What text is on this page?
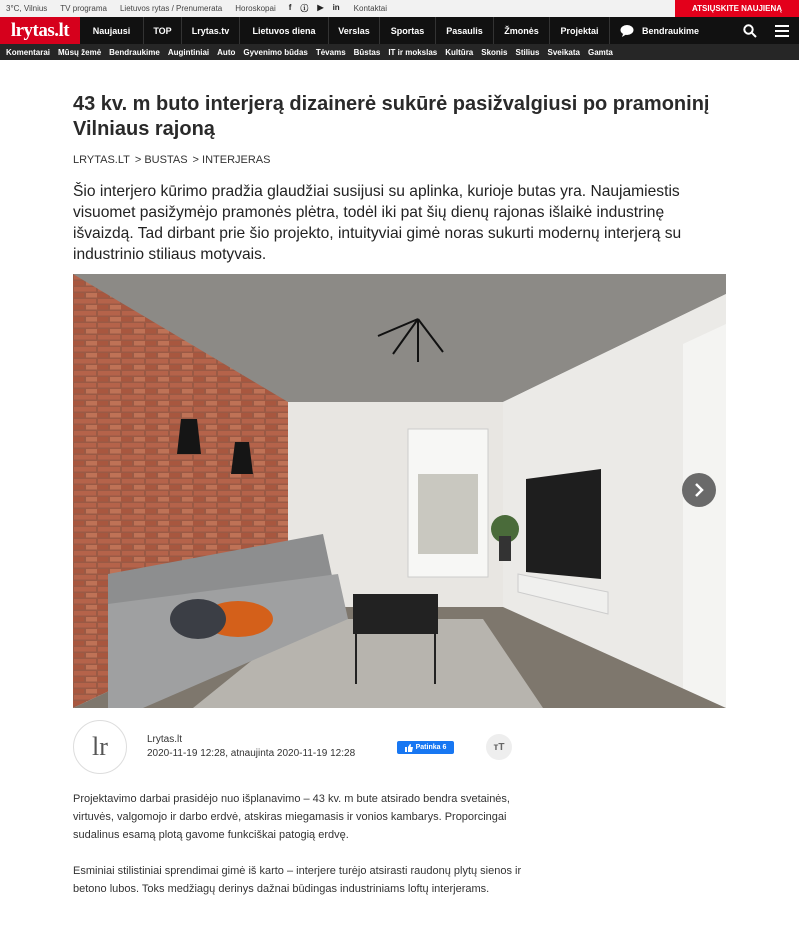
3°C, Vilnius TV programa Lietuvos rytas / Prenumerata Horoskopai f ⓘ ▶ in Kontaktai	ATSIŲSKITE NAUJIENĄ
lrytas.lt	Naujausi	TOP	Lrytas.tv	Lietuvos diena	Verslas	Sportas	Pasaulis	Žmonės	Projektai	Bendraukime
Komentarai Mūsų žemė Bendraukime Augintiniai Auto Gyvenimo būdas Tėvams Būstas IT ir mokslas Kultūra Skonis Stilius Sveikata Gamta
43 kv. m buto interjerą dizainerė sukūrė pasižvalgiusi po pramoninį Vilniaus rajoną
LRYTAS.LT > BUSTAS > INTERJERAS

Šio interjero kūrimo pradžia glaudžiai susijusi su aplinka, kurioje butas yra. Naujamiestis visuomet pasižymėjo pramonės plėtra, todėl iki pat šių dienų rajonas išlaikė industrinę išvaizdą. Tad dirbant prie šio projekto, intuityviai gimė noras sukurti modernų interjerą su industrinio stiliaus motyvais.

lr	Lrytas.lt
2020-11-19 12:28, atnaujinta 2020-11-19 12:28
Patinka 6	тT

Projektavimo darbai prasidėjo nuo išplanavimo – 43 kv. m bute atsirado bendra svetainės, virtuvės, valgomojo ir darbo erdvė, atskiras miegamasis ir vonios kambarys. Proporcingai sudalinus esamą plotą gavome funkciškai patogią erdvę.

Esminiai stilistiniai sprendimai gimė iš karto – interjere turėjo atsirasti raudonų plytų sienos ir betono lubos. Toks medžiagų derinys dažnai būdingas industriniams loftų interjerams.
